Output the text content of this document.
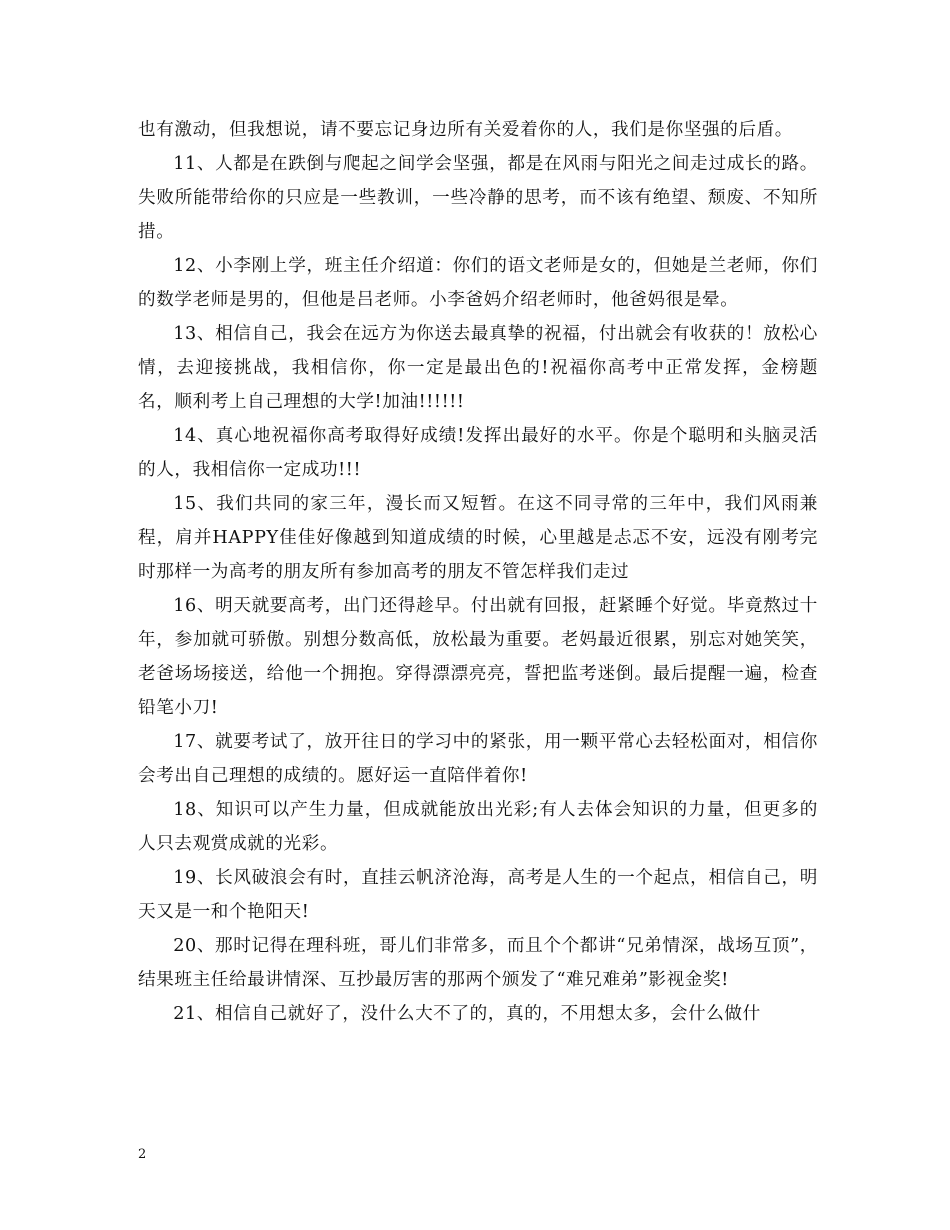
也有激动，但我想说，请不要忘记身边所有关爱着你的人，我们是你坚强的后盾。

11、人都是在跌倒与爬起之间学会坚强，都是在风雨与阳光之间走过成长的路。失败所能带给你的只应是一些教训，一些冷静的思考，而不该有绝望、颓废、不知所措。

12、小李刚上学，班主任介绍道：你们的语文老师是女的，但她是兰老师，你们的数学老师是男的，但他是吕老师。小李爸妈介绍老师时，他爸妈很是晕。

13、相信自己，我会在远方为你送去最真挚的祝福，付出就会有收获的！放松心情，去迎接挑战，我相信你，你一定是最出色的!祝福你高考中正常发挥，金榜题名，顺利考上自己理想的大学!加油!!!!!!

14、真心地祝福你高考取得好成绩!发挥出最好的水平。你是个聪明和头脑灵活的人，我相信你一定成功!!!

15、我们共同的家三年，漫长而又短暂。在这不同寻常的三年中，我们风雨兼程，肩并HAPPY佳佳好像越到知道成绩的时候，心里越是忐忑不安，远没有刚考完时那样一为高考的朋友所有参加高考的朋友不管怎样我们走过

16、明天就要高考，出门还得趁早。付出就有回报，赶紧睡个好觉。毕竟熬过十年，参加就可骄傲。别想分数高低，放松最为重要。老妈最近很累，别忘对她笑笑，老爸场场接送，给他一个拥抱。穿得漂漂亮亮，誓把监考迷倒。最后提醒一遍，检查铅笔小刀!

17、就要考试了，放开往日的学习中的紧张，用一颗平常心去轻松面对，相信你会考出自己理想的成绩的。愿好运一直陪伴着你!

18、知识可以产生力量，但成就能放出光彩;有人去体会知识的力量，但更多的人只去观赏成就的光彩。

19、长风破浪会有时，直挂云帆济沧海，高考是人生的一个起点，相信自己，明天又是一和个艳阳天!

20、那时记得在理科班，哥儿们非常多，而且个个都讲“兄弟情深，战场互顶”，结果班主任给最讲情深、互抄最厉害的那两个颁发了“难兄难弟”影视金奖!

21、相信自己就好了，没什么大不了的，真的，不用想太多，会什么做什

2
